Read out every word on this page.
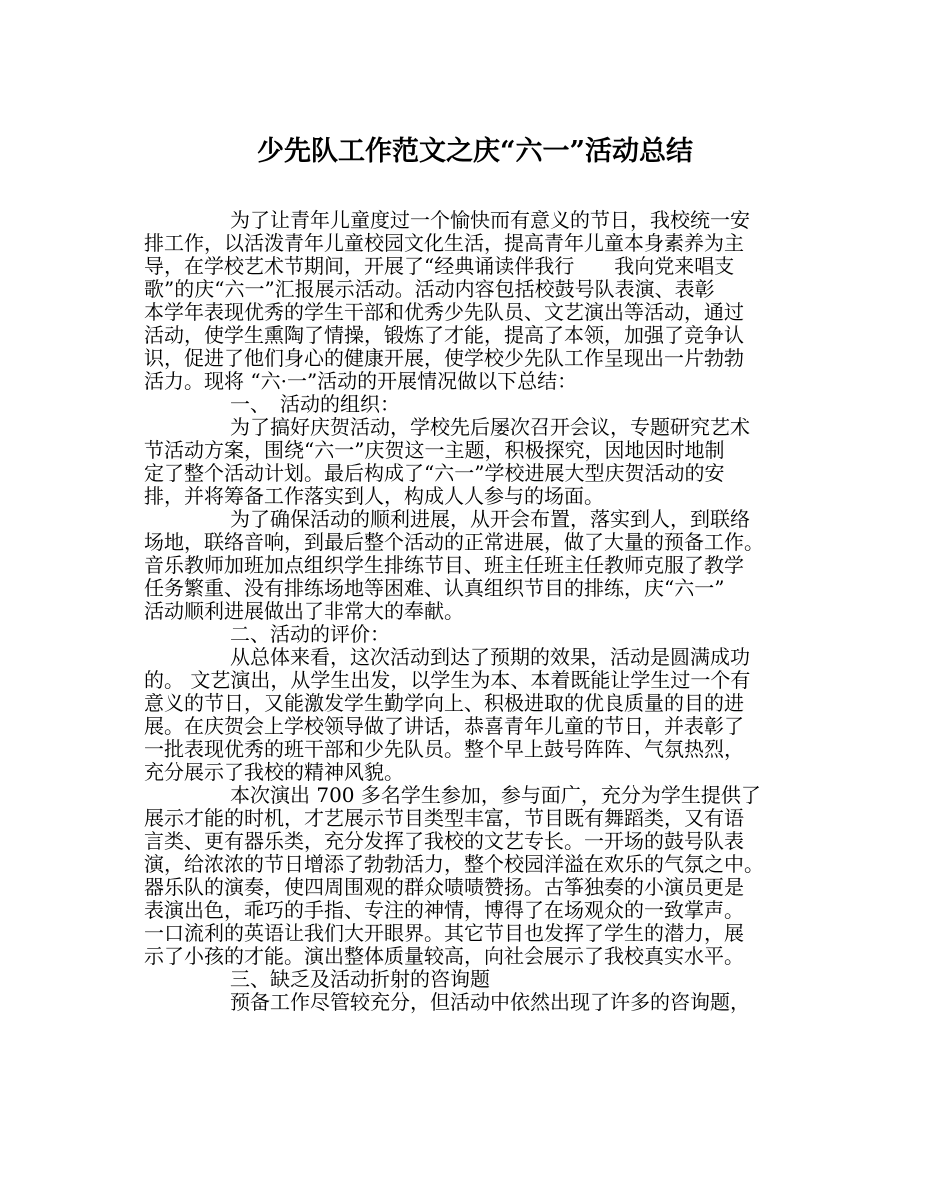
少先队工作范文之庆“六一”活动总结
为了让青年儿童度过一个愉快而有意义的节日，我校统一安
排工作，以活泼青年儿童校园文化生活，提高青年儿童本身素养为主
导，在学校艺术节期间，开展了“经典诵读伴我行　　我向党来唱支
歌”的庆“六一”汇报展示活动。活动内容包括校鼓号队表演、表彰
本学年表现优秀的学生干部和优秀少先队员、文艺演出等活动，通过
活动，使学生熏陶了情操，锻炼了才能，提高了本领，加强了竞争认
识，促进了他们身心的健康开展，使学校少先队工作呈现出一片勃勃
活力。现将 “六·一”活动的开展情况做以下总结：
一、　活动的组织：
为了搞好庆贺活动，学校先后屡次召开会议，专题研究艺术
节活动方案，围绕“六一”庆贺这一主题，积极探究，因地因时地制
定了整个活动计划。最后构成了“六一”学校进展大型庆贺活动的安
排，并将筹备工作落实到人，构成人人参与的场面。
为了确保活动的顺利进展，从开会布置，落实到人，到联络
场地，联络音响，到最后整个活动的正常进展，做了大量的预备工作。
音乐教师加班加点组织学生排练节目、班主任班主任教师克服了教学
任务繁重、没有排练场地等困难、认真组织节目的排练，庆“六一”
活动顺利进展做出了非常大的奉献。
二、活动的评价：
从总体来看，这次活动到达了预期的效果，活动是圆满成功
的。 文艺演出，从学生出发，以学生为本、本着既能让学生过一个有
意义的节日，又能激发学生勤学向上、积极进取的优良质量的目的进
展。在庆贺会上学校领导做了讲话，恭喜青年儿童的节日，并表彰了
一批表现优秀的班干部和少先队员。整个早上鼓号阵阵、气氛热烈，
充分展示了我校的精神风貌。
本次演出 700 多名学生参加，参与面广，充分为学生提供了
展示才能的时机，才艺展示节目类型丰富，节目既有舞蹈类，又有语
言类、更有器乐类，充分发挥了我校的文艺专长。一开场的鼓号队表
演，给浓浓的节日增添了勃勃活力，整个校园洋溢在欢乐的气氛之中。
器乐队的演奏，使四周围观的群众啧啧赞扬。古筝独奏的小演员更是
表演出色，乖巧的手指、专注的神情，博得了在场观众的一致掌声。
一口流利的英语让我们大开眼界。其它节目也发挥了学生的潜力，展
示了小孩的才能。演出整体质量较高，向社会展示了我校真实水平。
三、缺乏及活动折射的咨询题
预备工作尽管较充分，但活动中依然出现了许多的咨询题，
